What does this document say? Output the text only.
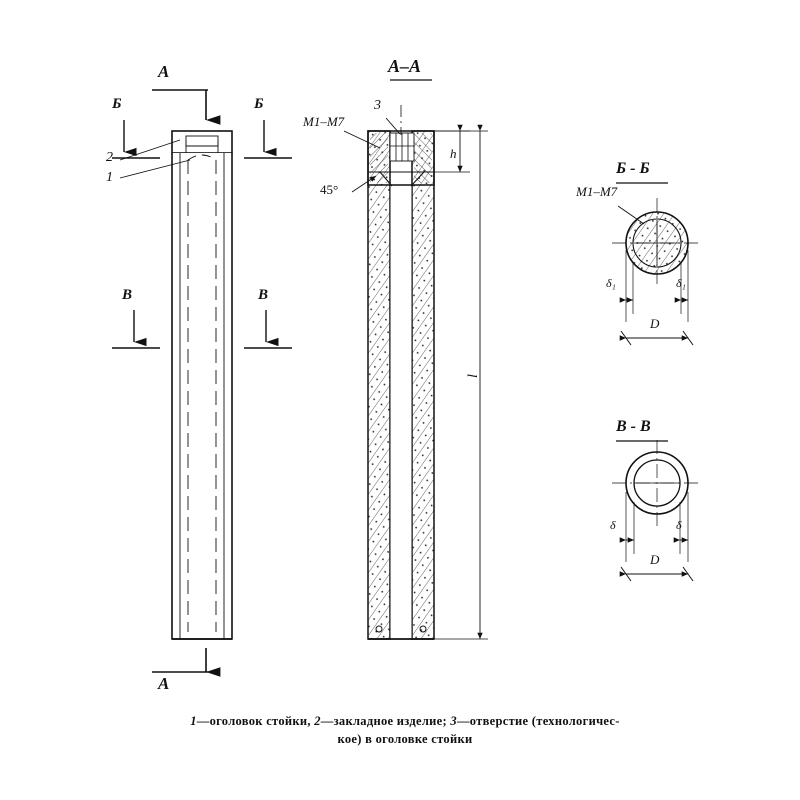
А
А
Б	Б
В	В
2
1
А–А
3
M1–M7
45°
h
l
Б - Б
M1–M7
δ₁	δ₁
D
В - В
δ	δ
D
1—оголовок стойки, 2—закладное изделие; 3—отверстие (технологичес-
кое) в оголовке стойки
